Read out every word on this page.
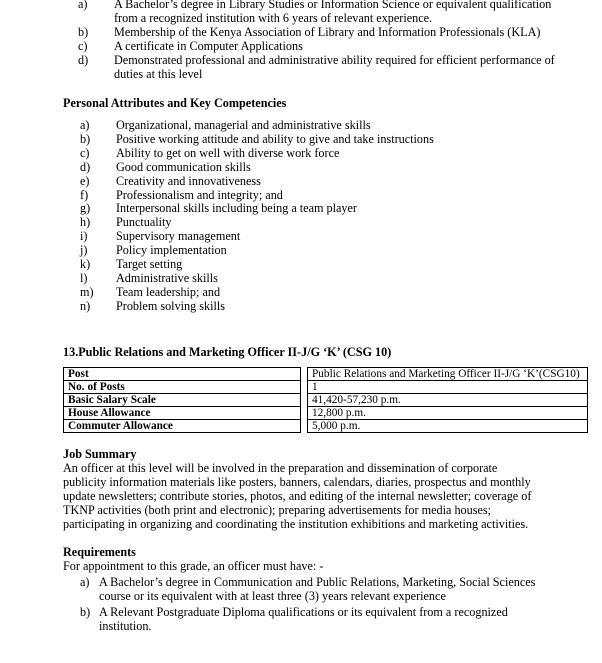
a )	A Bachelor’s degree in Library Studies or Information Science or equivalent qualification from a recognized institution with 6 years of relevant experience.
b )	Membership of the Kenya Association of Library and Information Professionals (KLA)
c )	A certificate in Computer Applications
d )	Demonstrated professional and administrative ability required for efficient performance of duties at this level
Personal Attributes and Key Competencies
a )	Organizational, managerial and administrative skills
b )	Positive working attitude and ability to give and take instructions
c )	Ability to get on well with diverse work force
d )	Good communication skills
e )	Creativity and innovativeness
f )	Professionalism and integrity; and
g )	Interpersonal skills including being a team player
h )	Punctuality
i )	Supervisory management
j )	Policy implementation
k )	Target setting
l )	Administrative skills
m )	Team leadership; and
n )	Problem solving skills
13.Public Relations and Marketing Officer II-J/G ‘K’ (CSG 10)
Post		Public Relations and Marketing Officer II-J/G ‘K’(CSG10)
No. of Posts		1
Basic Salary Scale		41,420-57,230 p.m.
House Allowance		12,800 p.m.
Commuter Allowance		5,000 p.m.
Job Summary
An officer at this level will be involved in the preparation and dissemination of corporate publicity information materials like posters, banners, calendars, diaries, prospectus and monthly update newsletters; contribute stories, photos, and editing of the internal newsletter; coverage of TKNP activities (both print and electronic); preparing advertisements for media houses; participating in organizing and coordinating the institution exhibitions and marketing activities.
Requirements
For appointment to this grade, an officer must have: -
a )	A Bachelor’s degree in Communication and Public Relations, Marketing, Social Sciences course or its equivalent with at least three (3) years relevant experience
b )	A Relevant Postgraduate Diploma qualifications or its equivalent from a recognized institution.
